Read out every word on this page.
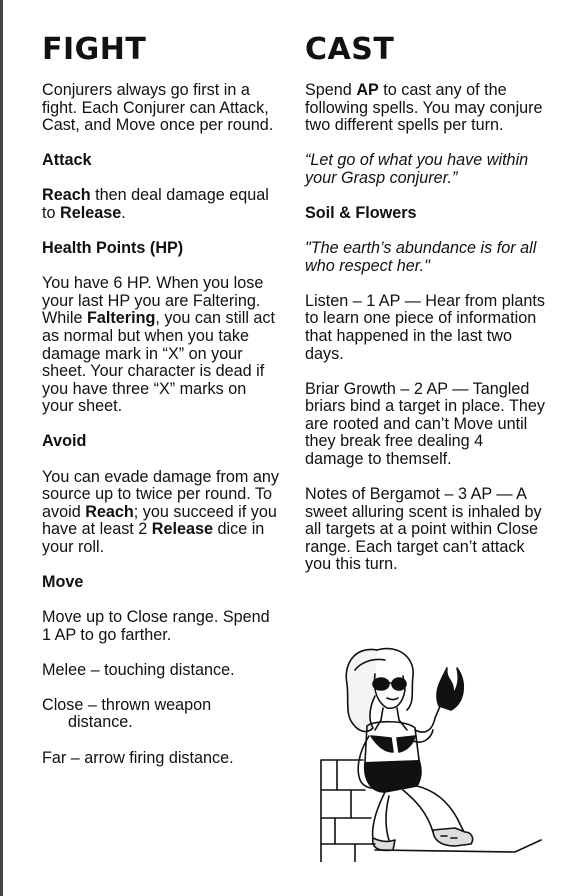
FIGHT

Conjurers always go first in a fight. Each Conjurer can Attack, Cast, and Move once per round.

Attack

Reach then deal damage equal to Release.

Health Points (HP)

You have 6 HP. When you lose your last HP you are Faltering. While Faltering, you can still act as normal but when you take damage mark in “X” on your sheet. Your character is dead if you have three “X” marks on your sheet.

Avoid

You can evade damage from any source up to twice per round. To avoid Reach; you succeed if you have at least 2 Release dice in your roll.

Move

Move up to Close range. Spend 1 AP to go farther.

Melee – touching distance.

Close – thrown weapon
distance.

Far – arrow firing distance.

CAST

Spend AP to cast any of the following spells. You may conjure two different spells per turn.

“Let go of what you have within your Grasp conjurer.”

Soil & Flowers

"The earth’s abundance is for all who respect her."

Listen – 1 AP — Hear from plants to learn one piece of information that happened in the last two days.

Briar Growth – 2 AP — Tangled briars bind a target in place. They are rooted and can’t Move until they break free dealing 4 damage to themself.

Notes of Bergamot – 3 AP — A sweet alluring scent is inhaled by all targets at a point within Close range. Each target can’t attack you this turn.
